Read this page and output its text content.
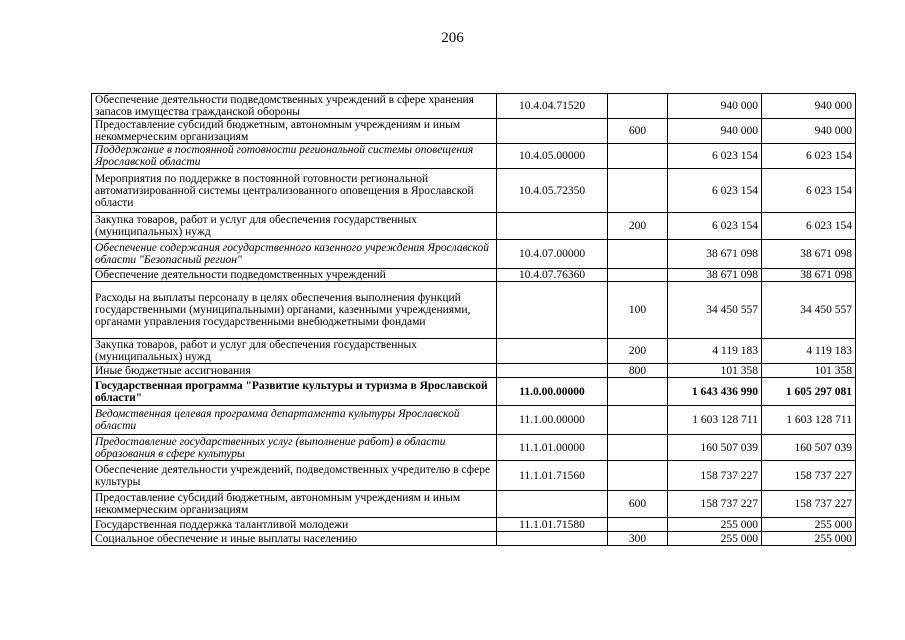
206
Обеспечение деятельности подведомственных учреждений в сфере хранения запасов имущества гражданской обороны	10.4.04.71520		940 000	940 000
Предоставление субсидий бюджетным, автономным учреждениям и иным некоммерческим организациям		600	940 000	940 000
Поддержание в постоянной готовности региональной системы оповещения Ярославской области	10.4.05.00000		6 023 154	6 023 154
Мероприятия по поддержке в постоянной готовности региональной автоматизированной системы централизованного оповещения в Ярославской области	10.4.05.72350		6 023 154	6 023 154
Закупка товаров, работ и услуг для обеспечения государственных (муниципальных) нужд		200	6 023 154	6 023 154
Обеспечение содержания государственного казенного учреждения Ярославской области "Безопасный регион"	10.4.07.00000		38 671 098	38 671 098
Обеспечение деятельности подведомственных учреждений	10.4.07.76360		38 671 098	38 671 098
Расходы на выплаты персоналу в целях обеспечения выполнения функций государственными (муниципальными) органами, казенными учреждениями, органами управления государственными внебюджетными фондами		100	34 450 557	34 450 557
Закупка товаров, работ и услуг для обеспечения государственных (муниципальных) нужд		200	4 119 183	4 119 183
Иные бюджетные ассигнования		800	101 358	101 358
Государственная программа "Развитие культуры и туризма в Ярославской области"	11.0.00.00000		1 643 436 990	1 605 297 081
Ведомственная целевая программа департамента культуры Ярославской области	11.1.00.00000		1 603 128 711	1 603 128 711
Предоставление государственных услуг (выполнение работ) в области образования в сфере культуры	11.1.01.00000		160 507 039	160 507 039
Обеспечение деятельности учреждений, подведомственных учредителю в сфере культуры	11.1.01.71560		158 737 227	158 737 227
Предоставление субсидий бюджетным, автономным учреждениям и иным некоммерческим организациям		600	158 737 227	158 737 227
Государственная поддержка талантливой молодежи	11.1.01.71580		255 000	255 000
Социальное обеспечение и иные выплаты населению		300	255 000	255 000
